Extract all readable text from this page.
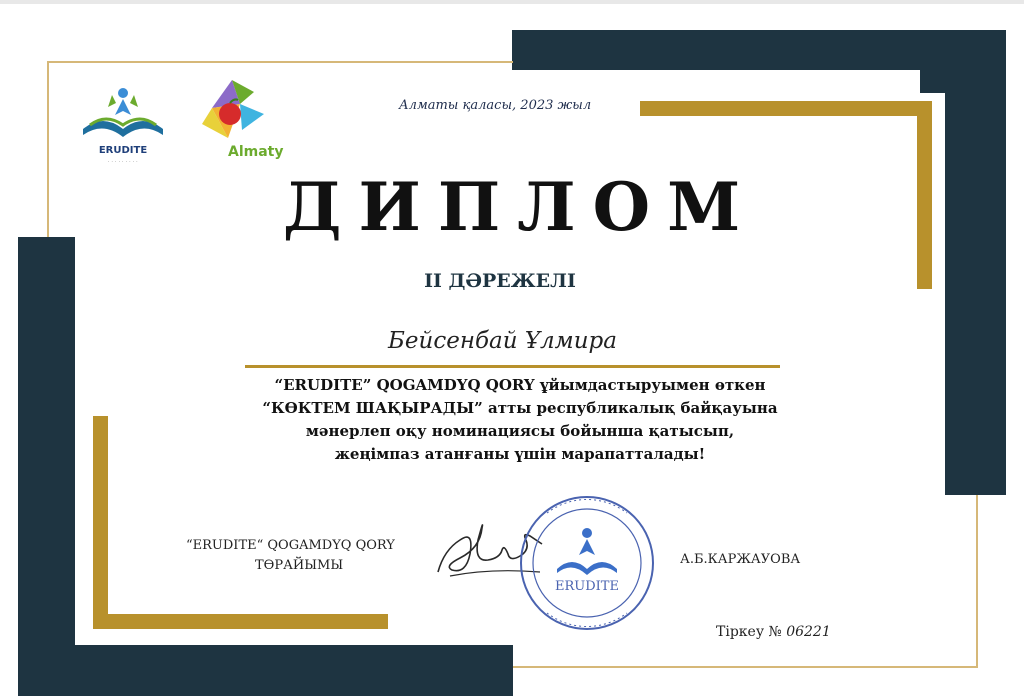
ERUDITE
· · · · · · · · ·
Almaty
Алматы қаласы, 2023 жыл
ДИПЛОМ
II ДӘРЕЖЕЛІ
Бейсенбай Ұлмира
“ERUDITE” QOGAMDYQ QORY ұйымдастыруымен өткен
“КӨКТЕМ ШАҚЫРАДЫ” атты республикалық байқауына
мәнерлеп оқу номинациясы бойынша қатысып,
жеңімпаз атанғаны үшін марапатталады!
“ERUDITE“ QOGAMDYQ QORY
ТӨРАЙЫМЫ
ERUDITE
А.Б.КАРЖАУОВА
Тіркеу № 06221
